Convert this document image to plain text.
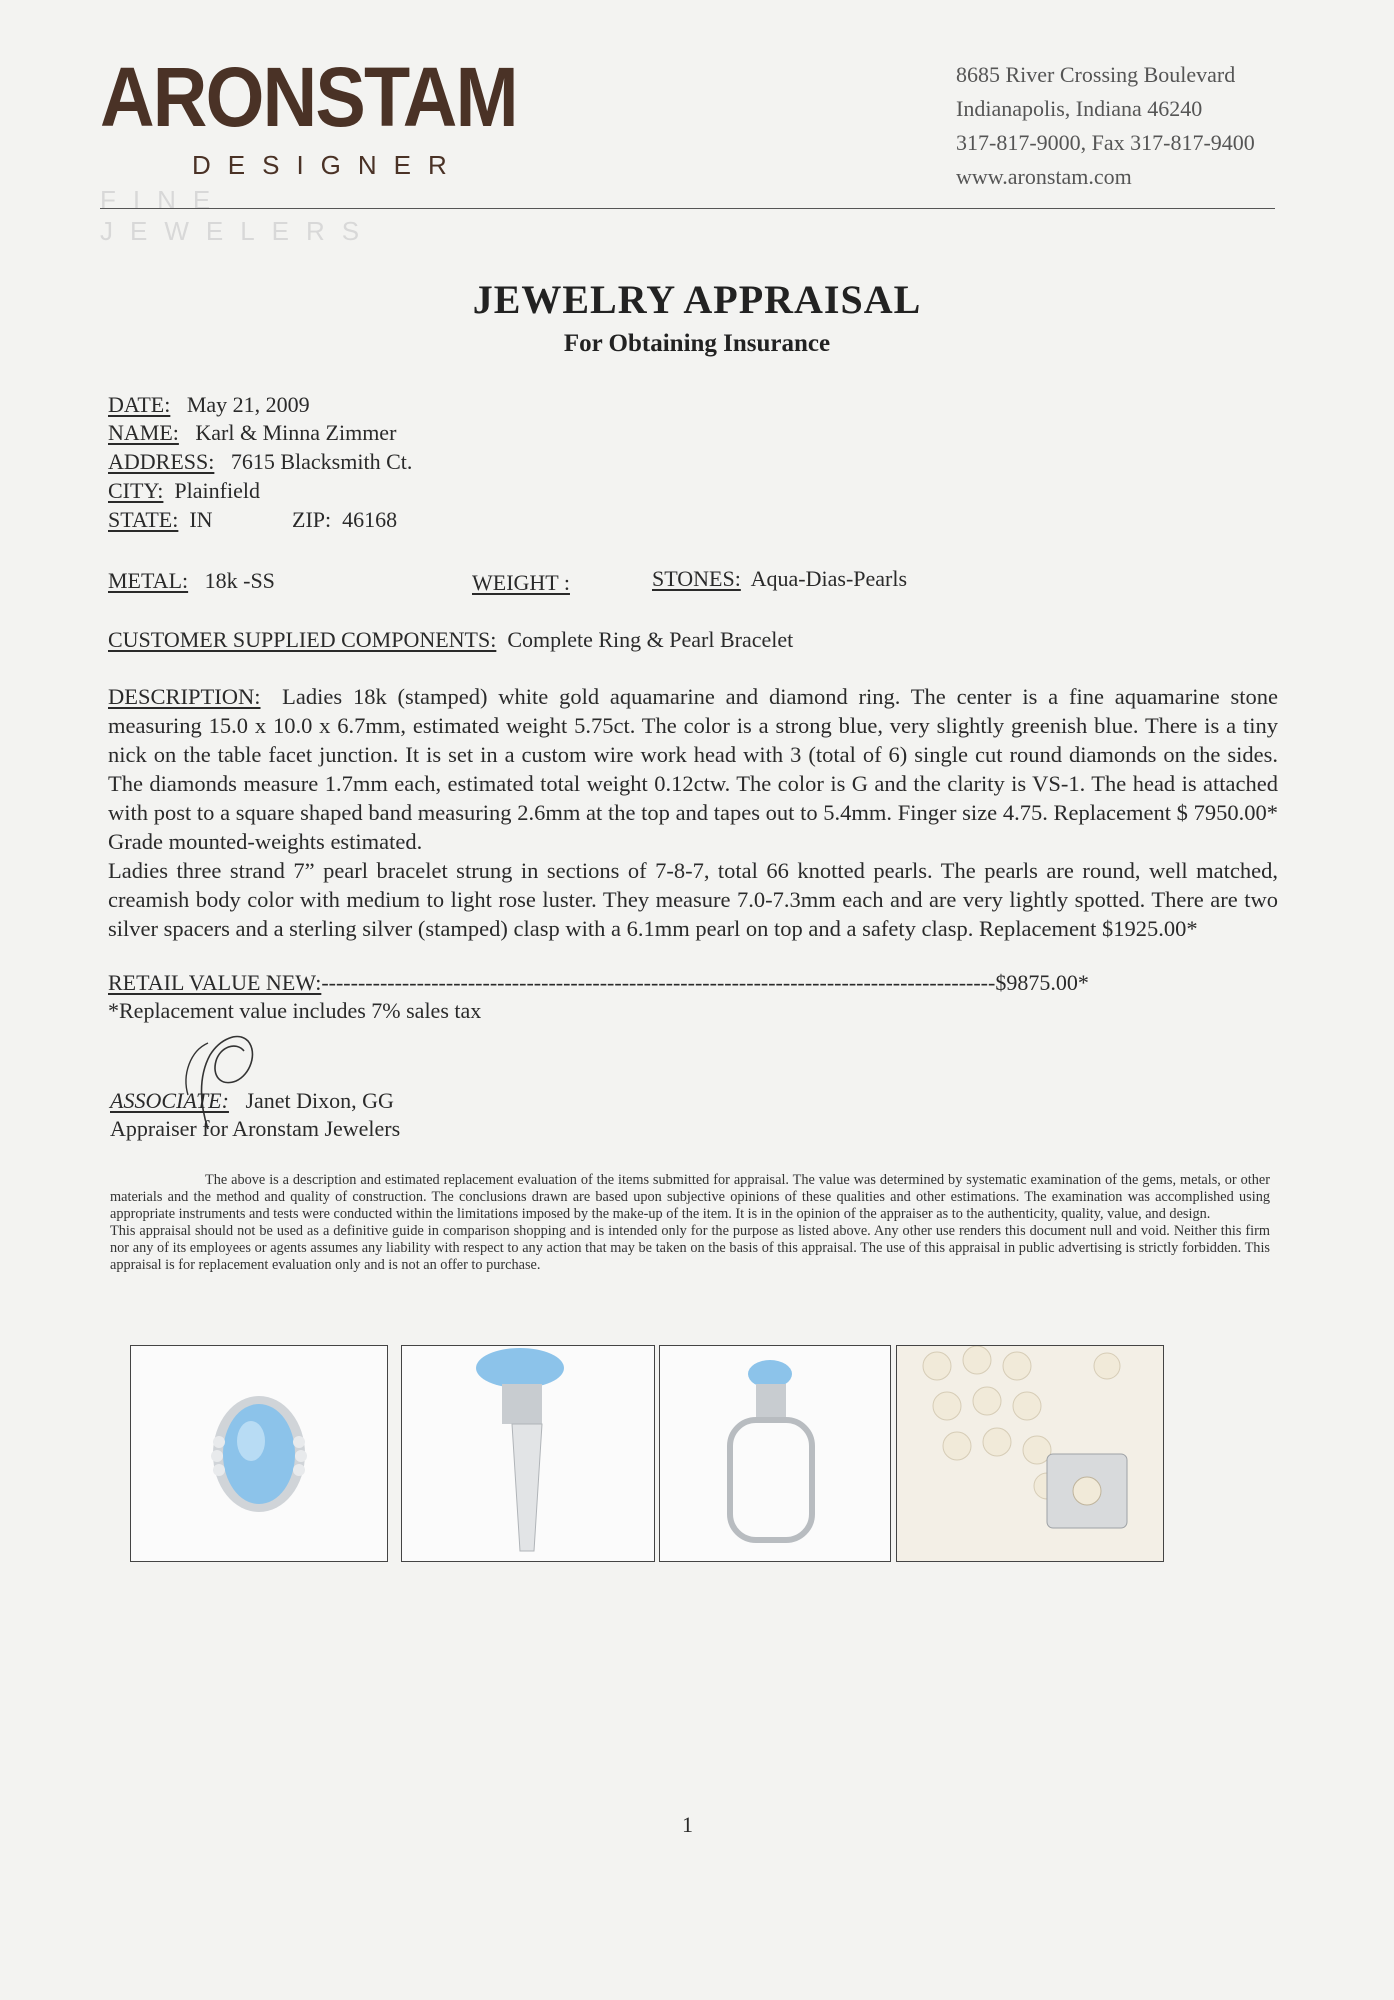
ARONSTAM
DESIGNER
FINE JEWELERS
8685 River Crossing Boulevard
Indianapolis, Indiana 46240
317-817-9000, Fax 317-817-9400
www.aronstam.com
JEWELRY APPRAISAL
For Obtaining Insurance
DATE: May 21, 2009
NAME: Karl & Minna Zimmer
ADDRESS: 7615 Blacksmith Ct.
CITY: Plainfield
STATE: IN	ZIP: 46168
METAL: 18k -SS	WEIGHT :	STONES: Aqua-Dias-Pearls
CUSTOMER SUPPLIED COMPONENTS: Complete Ring & Pearl Bracelet

DESCRIPTION: Ladies 18k (stamped) white gold aquamarine and diamond ring. The center is a fine aquamarine stone measuring 15.0 x 10.0 x 6.7mm, estimated weight 5.75ct. The color is a strong blue, very slightly greenish blue. There is a tiny nick on the table facet junction. It is set in a custom wire work head with 3 (total of 6) single cut round diamonds on the sides. The diamonds measure 1.7mm each, estimated total weight 0.12ctw. The color is G and the clarity is VS-1. The head is attached with post to a square shaped band measuring 2.6mm at the top and tapes out to 5.4mm. Finger size 4.75. Replacement $ 7950.00* Grade mounted-weights estimated.

Ladies three strand 7” pearl bracelet strung in sections of 7-8-7, total 66 knotted pearls. The pearls are round, well matched, creamish body color with medium to light rose luster. They measure 7.0-7.3mm each and are very lightly spotted. There are two silver spacers and a sterling silver (stamped) clasp with a 6.1mm pearl on top and a safety clasp. Replacement $1925.00*

RETAIL VALUE NEW:--------------------------------------------------------------------------------------------$9875.00*
*Replacement value includes 7% sales tax
ASSOCIATE: Janet Dixon, GG
Appraiser for Aronstam Jewelers

The above is a description and estimated replacement evaluation of the items submitted for appraisal. The value was determined by systematic examination of the gems, metals, or other materials and the method and quality of construction. The conclusions drawn are based upon subjective opinions of these qualities and other estimations. The examination was accomplished using appropriate instruments and tests were conducted within the limitations imposed by the make-up of the item. It is in the opinion of the appraiser as to the authenticity, quality, value, and design.

This appraisal should not be used as a definitive guide in comparison shopping and is intended only for the purpose as listed above. Any other use renders this document null and void. Neither this firm nor any of its employees or agents assumes any liability with respect to any action that may be taken on the basis of this appraisal. The use of this appraisal in public advertising is strictly forbidden. This appraisal is for replacement evaluation only and is not an offer to purchase.

1
